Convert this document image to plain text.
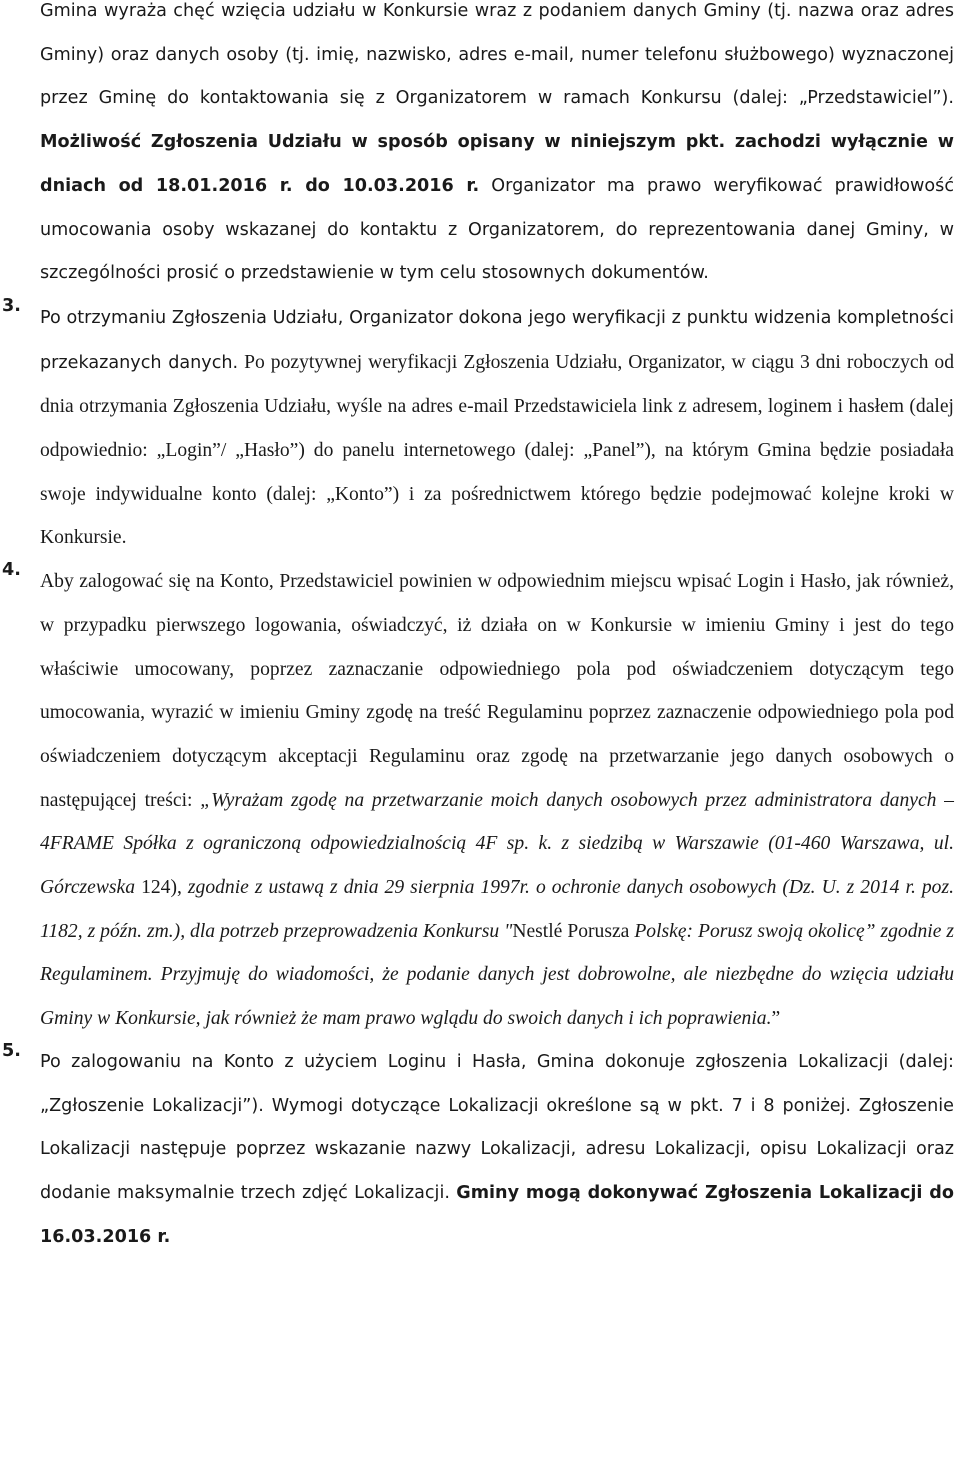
Gmina wyraża chęć wzięcia udziału w Konkursie wraz z podaniem danych Gminy (tj. nazwa oraz adres Gminy) oraz danych osoby (tj. imię, nazwisko, adres e-mail, numer telefonu służbowego) wyznaczonej przez Gminę do kontaktowania się z Organizatorem w ramach Konkursu (dalej: „Przedstawiciel”). Możliwość Zgłoszenia Udziału w sposób opisany w niniejszym pkt. zachodzi wyłącznie w dniach od 18.01.2016 r. do 10.03.2016 r. Organizator ma prawo weryfikować prawidłowość umocowania osoby wskazanej do kontaktu z Organizatorem, do reprezentowania danej Gminy, w szczególności prosić o przedstawienie w tym celu stosownych dokumentów.

3.

Po otrzymaniu Zgłoszenia Udziału, Organizator dokona jego weryfikacji z punktu widzenia kompletności przekazanych danych. Po pozytywnej weryfikacji Zgłoszenia Udziału, Organizator, w ciągu 3 dni roboczych od dnia otrzymania Zgłoszenia Udziału, wyśle na adres e-mail Przedstawiciela link z adresem, loginem i hasłem (dalej odpowiednio: „Login”/ „Hasło”) do panelu internetowego (dalej: „Panel”), na którym Gmina będzie posiadała swoje indywidualne konto (dalej: „Konto”) i za pośrednictwem którego będzie podejmować kolejne kroki w Konkursie.

4.

Aby zalogować się na Konto, Przedstawiciel powinien w odpowiednim miejscu wpisać Login i Hasło, jak również, w przypadku pierwszego logowania, oświadczyć, iż działa on w Konkursie w imieniu Gminy i jest do tego właściwie umocowany, poprzez zaznaczanie odpowiedniego pola pod oświadczeniem dotyczącym tego umocowania, wyrazić w imieniu Gminy zgodę na treść Regulaminu poprzez zaznaczenie odpowiedniego pola pod oświadczeniem dotyczącym akceptacji Regulaminu oraz zgodę na przetwarzanie jego danych osobowych o następującej treści: „Wyrażam zgodę na przetwarzanie moich danych osobowych przez administratora danych – 4FRAME Spółka z ograniczoną odpowiedzialnością 4F sp. k. z siedzibą w Warszawie (01-460 Warszawa, ul. Górczewska 124), zgodnie z ustawą z dnia 29 sierpnia 1997r. o ochronie danych osobowych (Dz. U. z 2014 r. poz. 1182, z późn. zm.), dla potrzeb przeprowadzenia Konkursu "Nestlé Porusza Polskę: Porusz swoją okolicę” zgodnie z Regulaminem. Przyjmuję do wiadomości, że podanie danych jest dobrowolne, ale niezbędne do wzięcia udziału Gminy w Konkursie, jak również że mam prawo wglądu do swoich danych i ich poprawienia.”

5.

Po zalogowaniu na Konto z użyciem Loginu i Hasła, Gmina dokonuje zgłoszenia Lokalizacji (dalej: „Zgłoszenie Lokalizacji”). Wymogi dotyczące Lokalizacji określone są w pkt. 7 i 8 poniżej. Zgłoszenie Lokalizacji następuje poprzez wskazanie nazwy Lokalizacji, adresu Lokalizacji, opisu Lokalizacji oraz dodanie maksymalnie trzech zdjęć Lokalizacji. Gminy mogą dokonywać Zgłoszenia Lokalizacji do 16.03.2016 r.
